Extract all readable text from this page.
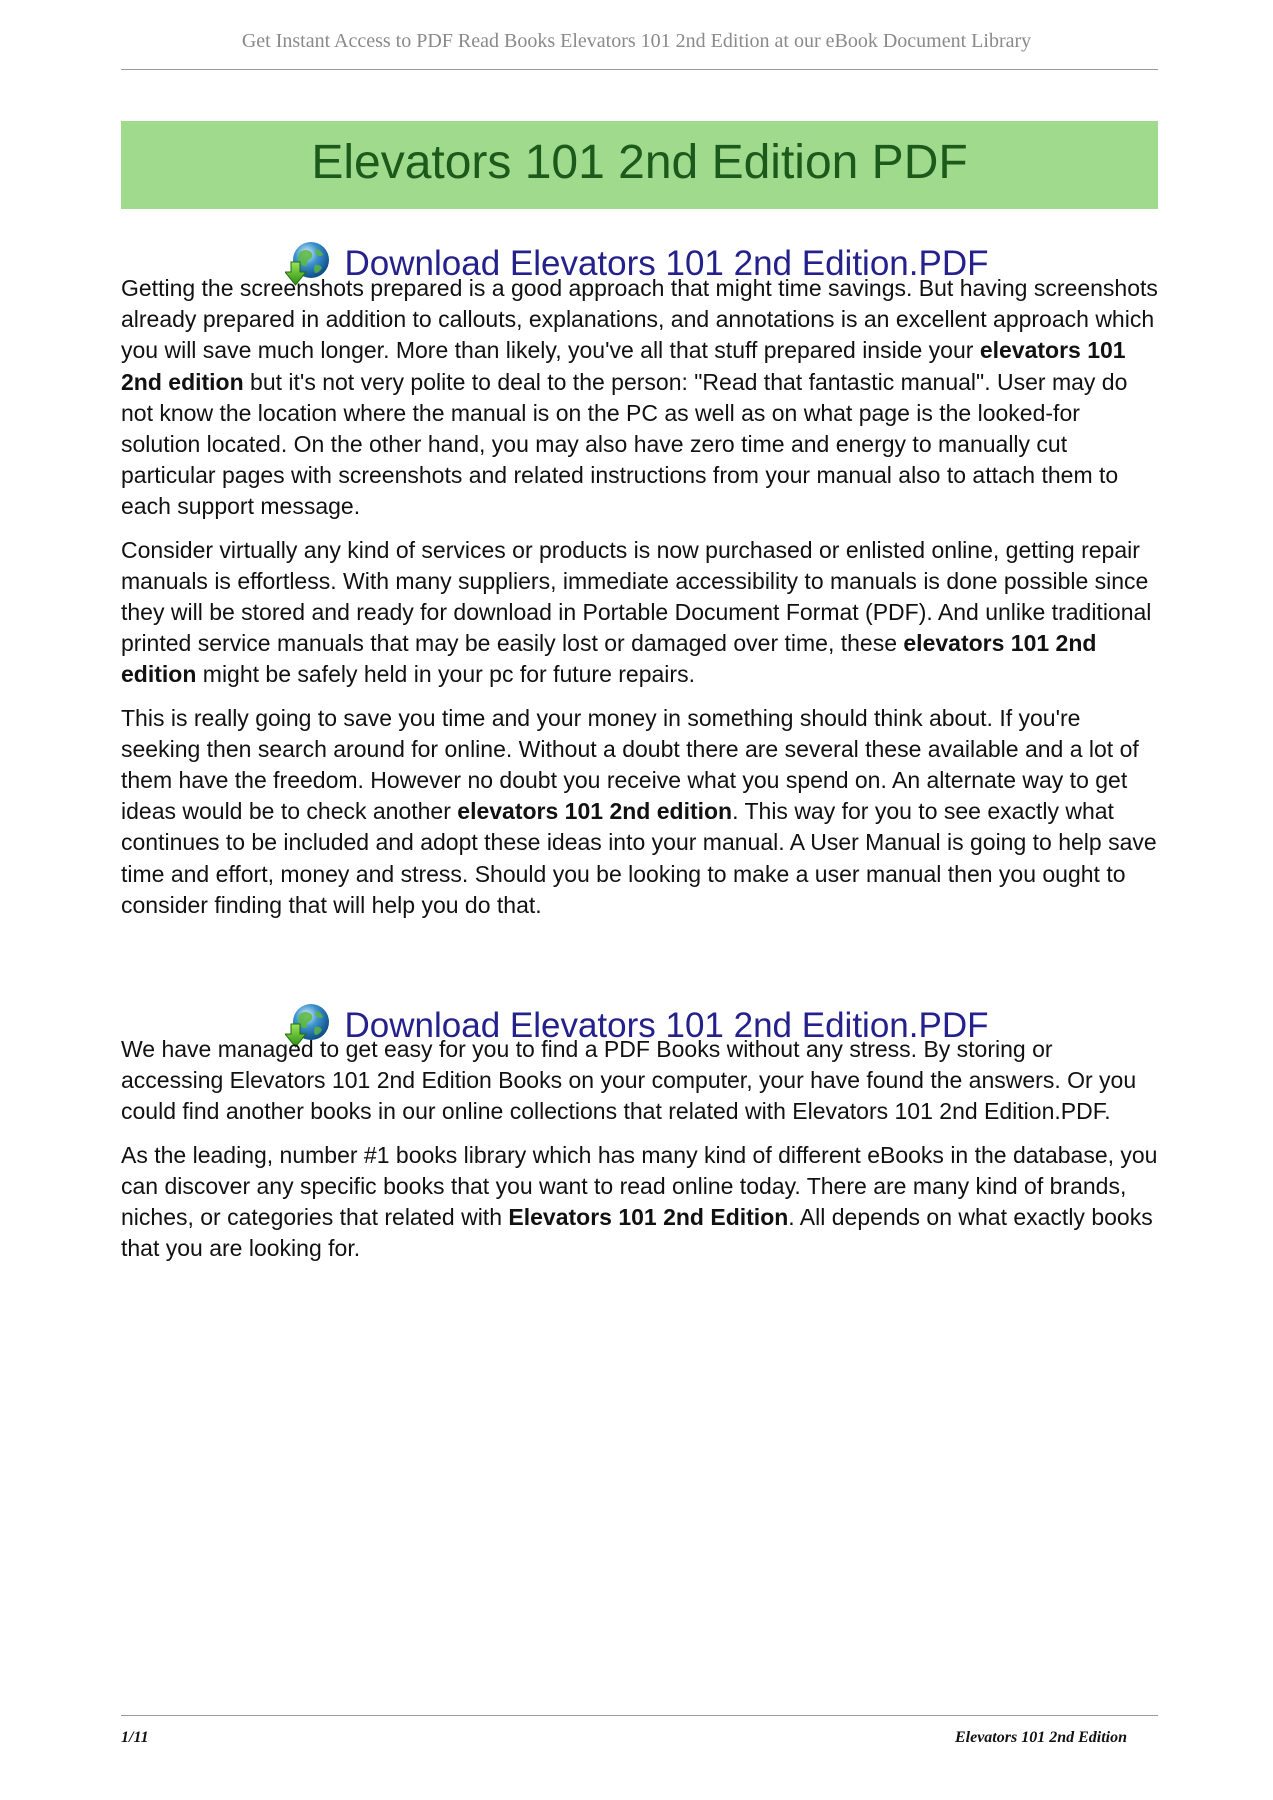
Get Instant Access to PDF Read Books Elevators 101 2nd Edition at our eBook Document Library
Elevators 101 2nd Edition PDF
Download Elevators 101 2nd Edition.PDF

Getting the screenshots prepared is a good approach that might time savings. But having screenshots already prepared in addition to callouts, explanations, and annotations is an excellent approach which you will save much longer. More than likely, you've all that stuff prepared inside your elevators 101 2nd edition but it's not very polite to deal to the person: "Read that fantastic manual". User may do not know the location where the manual is on the PC as well as on what page is the looked-for solution located. On the other hand, you may also have zero time and energy to manually cut particular pages with screenshots and related instructions from your manual also to attach them to each support message.

Consider virtually any kind of services or products is now purchased or enlisted online, getting repair manuals is effortless. With many suppliers, immediate accessibility to manuals is done possible since they will be stored and ready for download in Portable Document Format (PDF). And unlike traditional printed service manuals that may be easily lost or damaged over time, these elevators 101 2nd edition might be safely held in your pc for future repairs.

This is really going to save you time and your money in something should think about. If you're seeking then search around for online. Without a doubt there are several these available and a lot of them have the freedom. However no doubt you receive what you spend on. An alternate way to get ideas would be to check another elevators 101 2nd edition. This way for you to see exactly what continues to be included and adopt these ideas into your manual. A User Manual is going to help save time and effort, money and stress. Should you be looking to make a user manual then you ought to consider finding that will help you do that.

Download Elevators 101 2nd Edition.PDF

We have managed to get easy for you to find a PDF Books without any stress. By storing or accessing Elevators 101 2nd Edition Books on your computer, your have found the answers. Or you could find another books in our online collections that related with Elevators 101 2nd Edition.PDF.

As the leading, number #1 books library which has many kind of different eBooks in the database, you can discover any specific books that you want to read online today. There are many kind of brands, niches, or categories that related with Elevators 101 2nd Edition. All depends on what exactly books that you are looking for.

1/11	Elevators 101 2nd Edition
